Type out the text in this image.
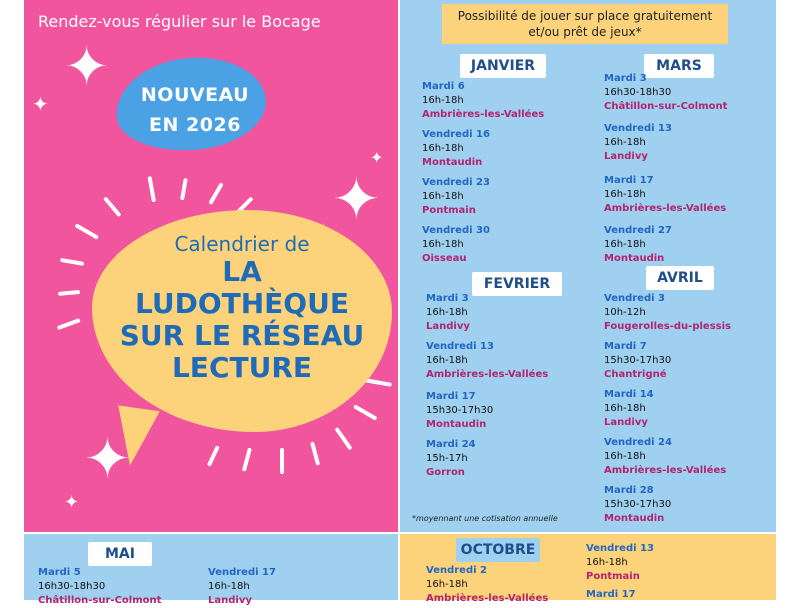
Rendez-vous régulier sur le Bocage
✦
✦
✦
✦
✦
✦
NOUVEAU
EN 2026
Calendrier de
LA
LUDOTHÈQUE
SUR LE RÉSEAU
LECTURE
Possibilité de jouer sur place gratuitement
et/ou prêt de jeux*
JANVIER
Mardi 6
16h-18h
Ambrières-les-Vallées
Vendredi 16
16h-18h
Montaudin
Vendredi 23
16h-18h
Pontmain
Vendredi 30
16h-18h
Oisseau
FEVRIER
Mardi 3
16h-18h
Landivy
Vendredi 13
16h-18h
Ambrières-les-Vallées
Mardi 17
15h30-17h30
Montaudin
Mardi 24
15h-17h
Gorron
MARS
Mardi 3
16h30-18h30
Châtillon-sur-Colmont
Vendredi 13
16h-18h
Landivy
Mardi 17
16h-18h
Ambrières-les-Vallées
Vendredi 27
16h-18h
Montaudin
AVRIL
Vendredi 3
10h-12h
Fougerolles-du-plessis
Mardi 7
15h30-17h30
Chantrigné
Mardi 14
16h-18h
Landivy
Vendredi 24
16h-18h
Ambrières-les-Vallées
Mardi 28
15h30-17h30
Montaudin
*moyennant une cotisation annuelle
MAI
Mardi 5
16h30-18h30
Châtillon-sur-Colmont
Vendredi 17
16h-18h
Landivy
OCTOBRE
Vendredi 2
16h-18h
Ambrières-les-Vallées
Vendredi 13
16h-18h
Pontmain
Mardi 17
